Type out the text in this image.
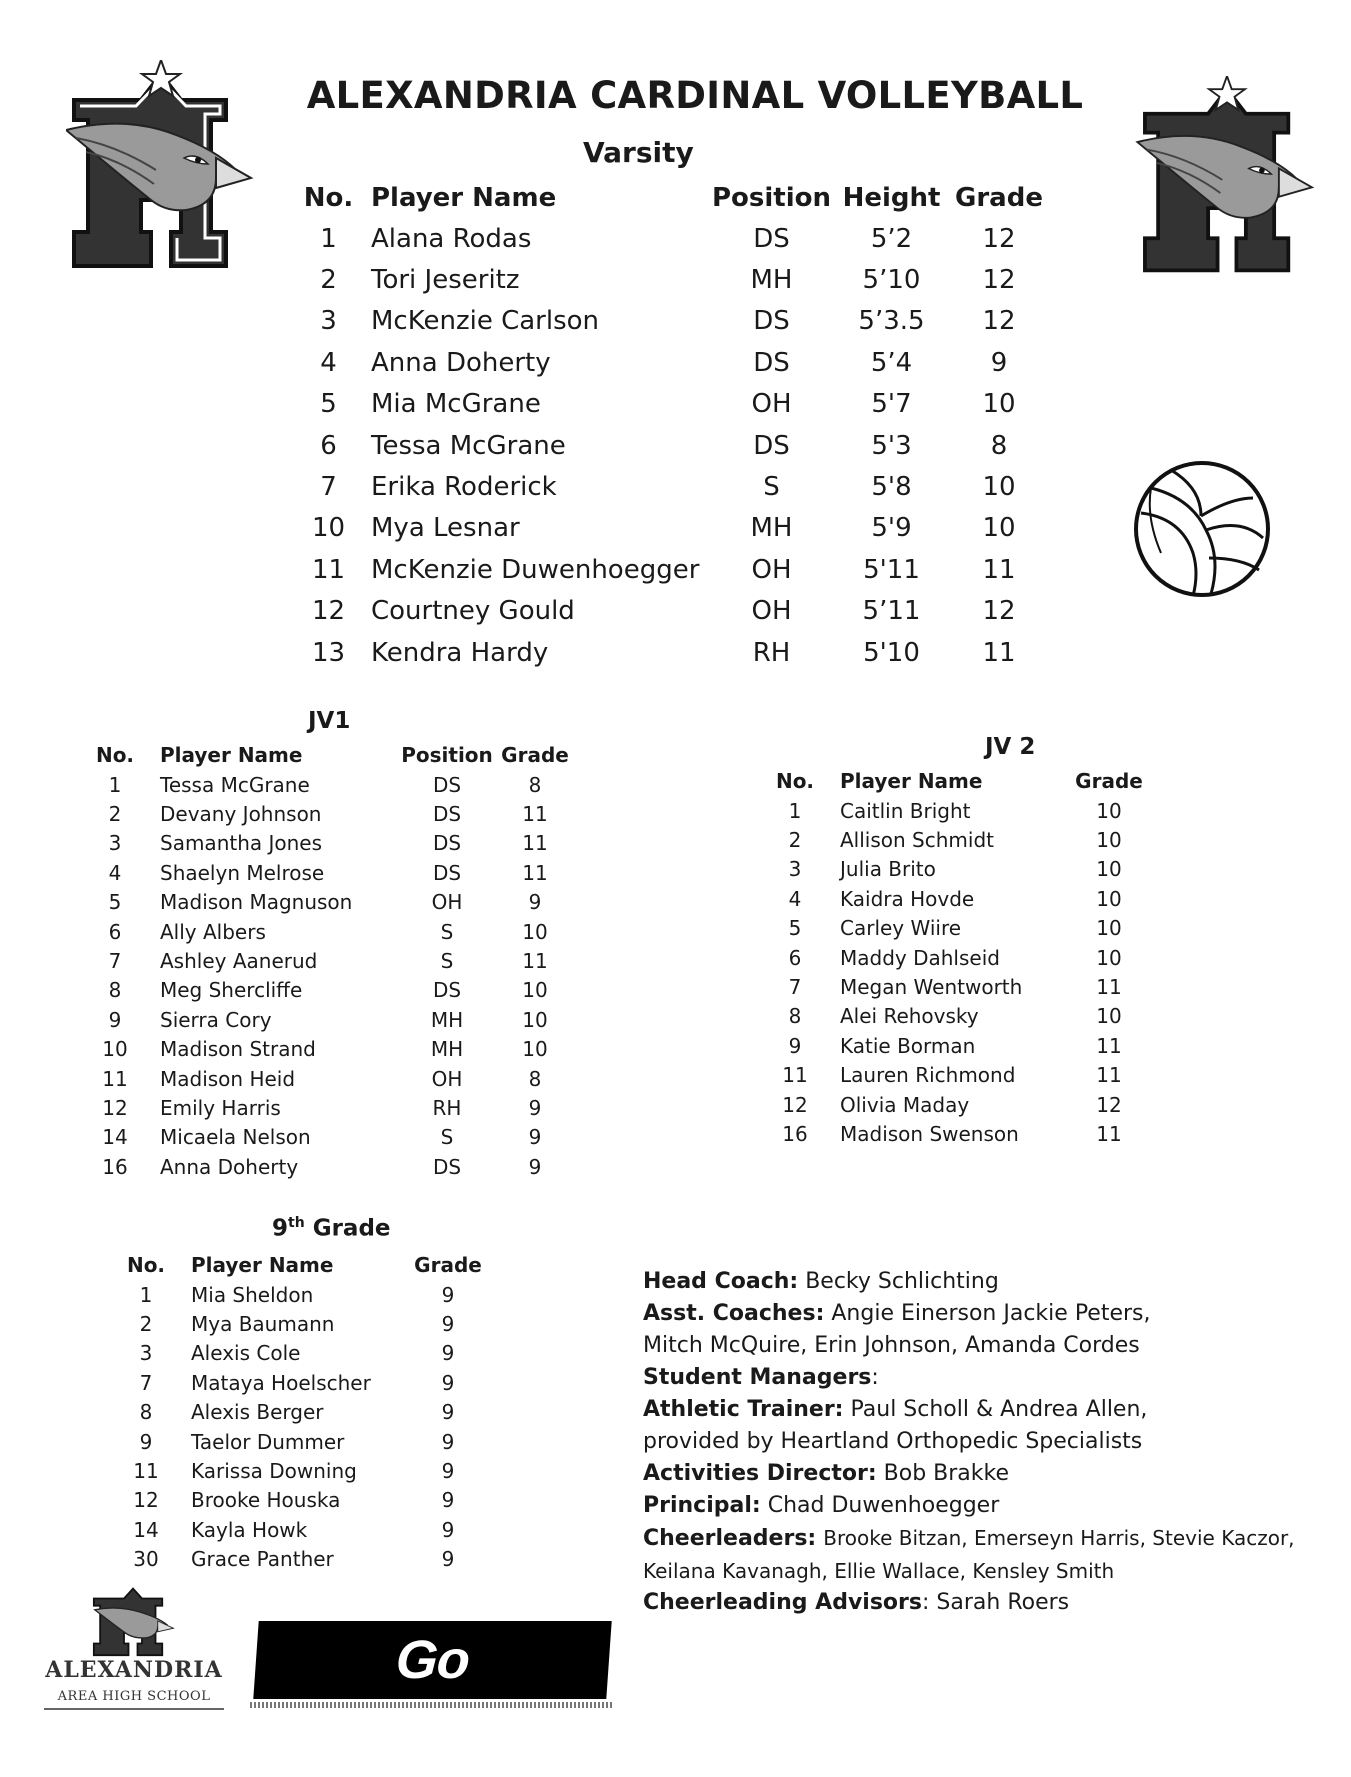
ALEXANDRIA CARDINAL VOLLEYBALL
Varsity
No.	Player Name	Position	Height	Grade
1	Alana Rodas	DS	5’2	12
2	Tori Jeseritz	MH	5’10	12
3	McKenzie Carlson	DS	5’3.5	12
4	Anna Doherty	DS	5’4	9
5	Mia McGrane	OH	5'7	10
6	Tessa McGrane	DS	5'3	8
7	Erika Roderick	S	5'8	10
10	Mya Lesnar	MH	5'9	10
11	McKenzie Duwenhoegger	OH	5'11	11
12	Courtney Gould	OH	5’11	12
13	Kendra Hardy	RH	5'10	11
JV1
No.	Player Name	Position	Grade
1	Tessa McGrane	DS	8
2	Devany Johnson	DS	11
3	Samantha Jones	DS	11
4	Shaelyn Melrose	DS	11
5	Madison Magnuson	OH	9
6	Ally Albers	S	10
7	Ashley Aanerud	S	11
8	Meg Shercliffe	DS	10
9	Sierra Cory	MH	10
10	Madison Strand	MH	10
11	Madison Heid	OH	8
12	Emily Harris	RH	9
14	Micaela Nelson	S	9
16	Anna Doherty	DS	9
JV 2
No.	Player Name	Grade
1	Caitlin Bright	10
2	Allison Schmidt	10
3	Julia Brito	10
4	Kaidra Hovde	10
5	Carley Wiire	10
6	Maddy Dahlseid	10
7	Megan Wentworth	11
8	Alei Rehovsky	10
9	Katie Borman	11
11	Lauren Richmond	11
12	Olivia Maday	12
16	Madison Swenson	11
9th Grade
No.	Player Name	Grade
1	Mia Sheldon	9
2	Mya Baumann	9
3	Alexis Cole	9
7	Mataya Hoelscher	9
8	Alexis Berger	9
9	Taelor Dummer	9
11	Karissa Downing	9
12	Brooke Houska	9
14	Kayla Howk	9
30	Grace Panther	9
Head Coach: Becky Schlichting
Asst. Coaches: Angie Einerson Jackie Peters,
Mitch McQuire, Erin Johnson, Amanda Cordes
Student Managers:
Athletic Trainer: Paul Scholl & Andrea Allen,
provided by Heartland Orthopedic Specialists
Activities Director: Bob Brakke
Principal: Chad Duwenhoegger
Cheerleaders: Brooke Bitzan, Emerseyn Harris, Stevie Kaczor,
Keilana Kavanagh, Ellie Wallace, Kensley Smith
Cheerleading Advisors: Sarah Roers
ALEXANDRIA
AREA HIGH SCHOOL
Go Cardinals!!
